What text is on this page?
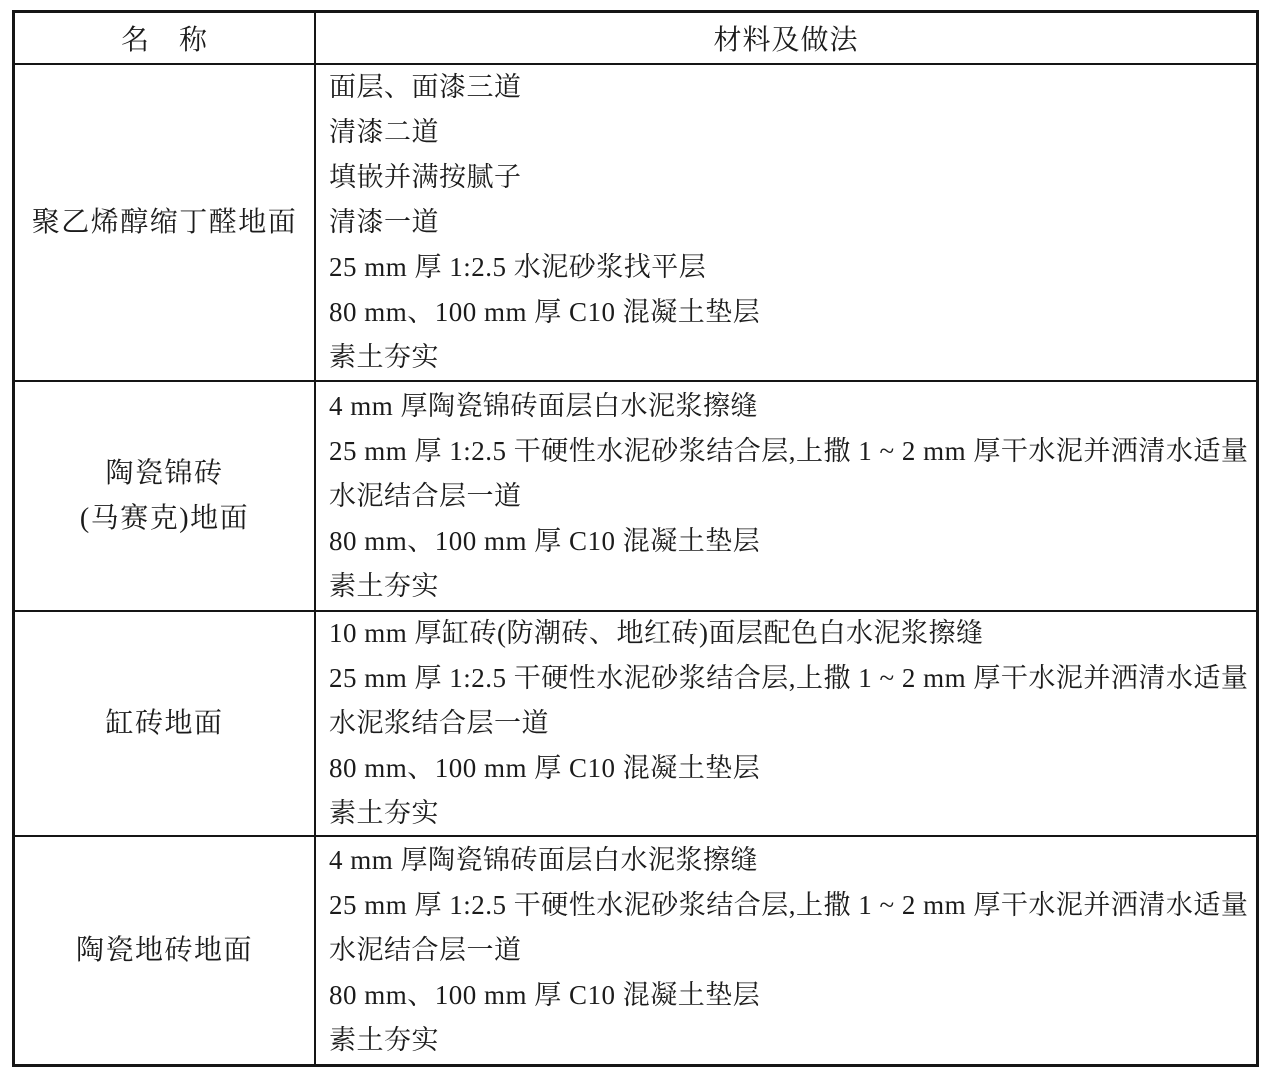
名　称	材料及做法
聚乙烯醇缩丁醛地面
面层、面漆三道
清漆二道
填嵌并满按腻子
清漆一道
25 mm 厚 1:2.5 水泥砂浆找平层
80 mm、100 mm 厚 C10 混凝土垫层
素土夯实
陶瓷锦砖
(马赛克)地面
4 mm 厚陶瓷锦砖面层白水泥浆擦缝
25 mm 厚 1:2.5 干硬性水泥砂浆结合层,上撒 1 ~ 2 mm 厚干水泥并洒清水适量
水泥结合层一道
80 mm、100 mm 厚 C10 混凝土垫层
素土夯实
缸砖地面
10 mm 厚缸砖(防潮砖、地红砖)面层配色白水泥浆擦缝
25 mm 厚 1:2.5 干硬性水泥砂浆结合层,上撒 1 ~ 2 mm 厚干水泥并洒清水适量
水泥浆结合层一道
80 mm、100 mm 厚 C10 混凝土垫层
素土夯实
陶瓷地砖地面
4 mm 厚陶瓷锦砖面层白水泥浆擦缝
25 mm 厚 1:2.5 干硬性水泥砂浆结合层,上撒 1 ~ 2 mm 厚干水泥并洒清水适量
水泥结合层一道
80 mm、100 mm 厚 C10 混凝土垫层
素土夯实
